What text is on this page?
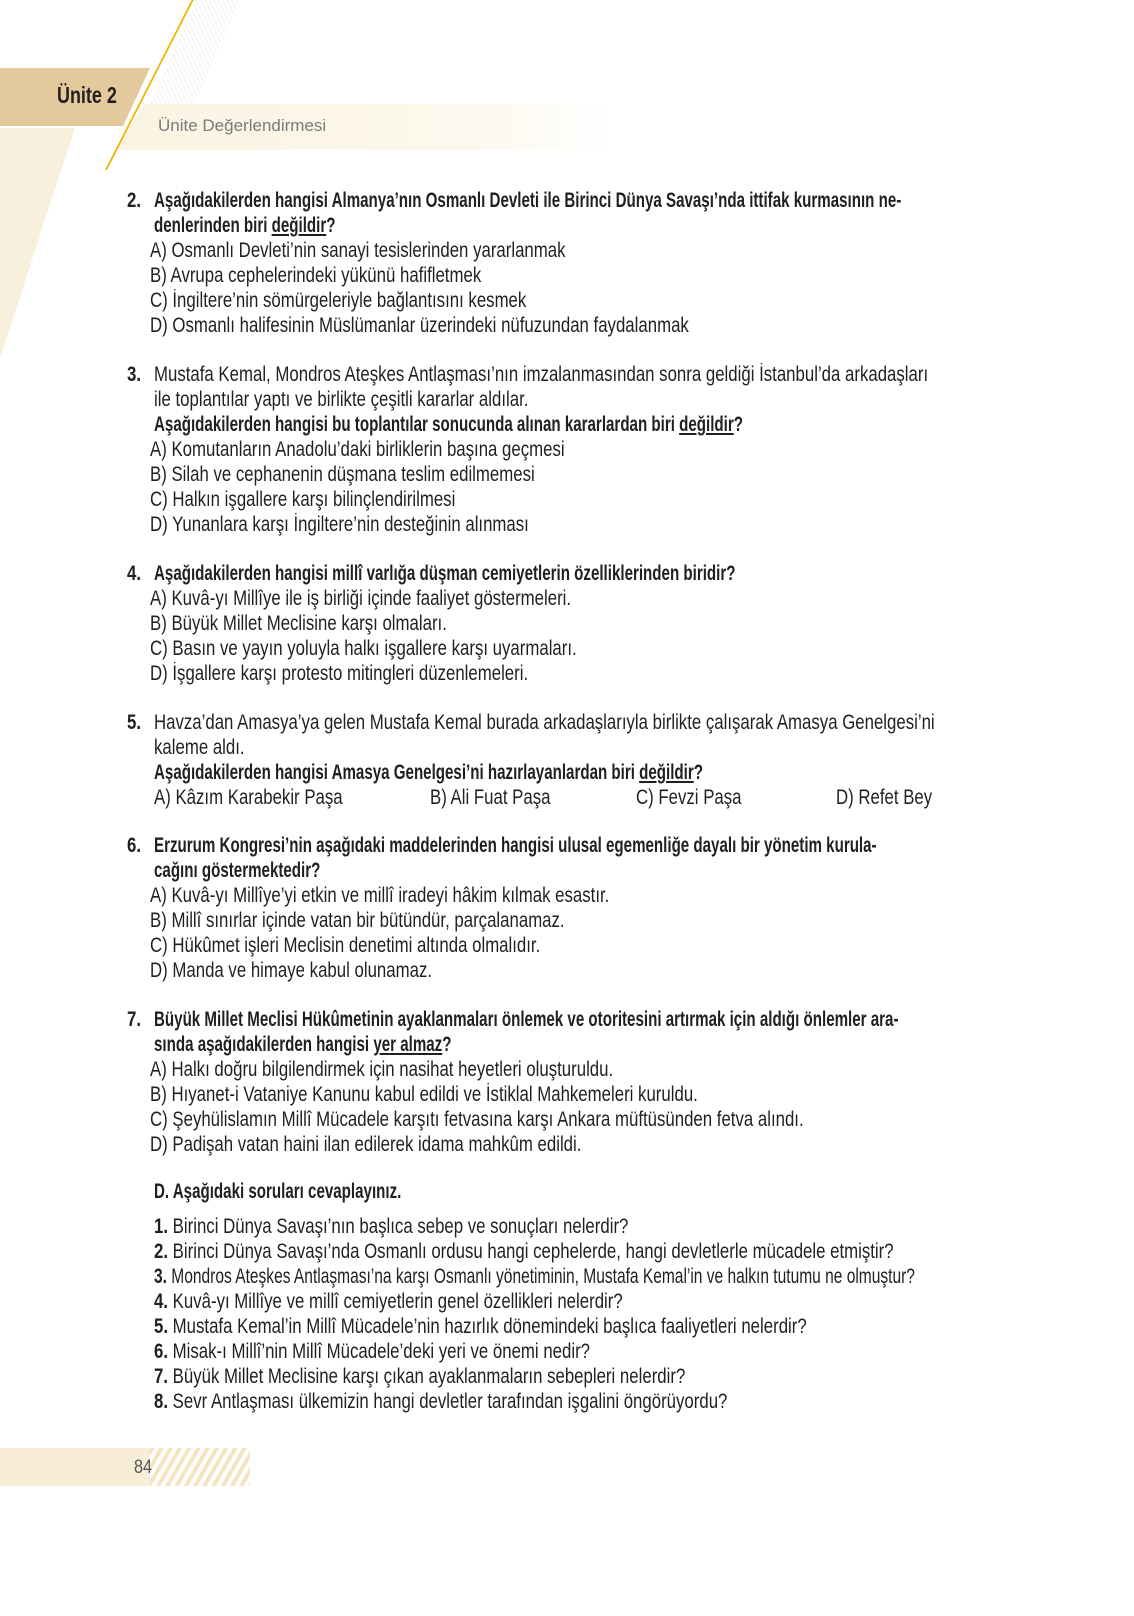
Ünite 2
Ünite Değerlendirmesi
2. Aşağıdakilerden hangisi Almanya’nın Osmanlı Devleti ile Birinci Dünya Savaşı’nda ittifak kurmasının ne-
denlerinden biri değildir?
A) Osmanlı Devleti’nin sanayi tesislerinden yararlanmak
B) Avrupa cephelerindeki yükünü hafifletmek
C) İngiltere’nin sömürgeleriyle bağlantısını kesmek
D) Osmanlı halifesinin Müslümanlar üzerindeki nüfuzundan faydalanmak
3. Mustafa Kemal, Mondros Ateşkes Antlaşması’nın imzalanmasından sonra geldiği İstanbul’da arkadaşları
ile toplantılar yaptı ve birlikte çeşitli kararlar aldılar.
Aşağıdakilerden hangisi bu toplantılar sonucunda alınan kararlardan biri değildir?
A) Komutanların Anadolu’daki birliklerin başına geçmesi
B) Silah ve cephanenin düşmana teslim edilmemesi
C) Halkın işgallere karşı bilinçlendirilmesi
D) Yunanlara karşı İngiltere’nin desteğinin alınması
4. Aşağıdakilerden hangisi millî varlığa düşman cemiyetlerin özelliklerinden biridir?
A) Kuvâ-yı Millîye ile iş birliği içinde faaliyet göstermeleri.
B) Büyük Millet Meclisine karşı olmaları.
C) Basın ve yayın yoluyla halkı işgallere karşı uyarmaları.
D) İşgallere karşı protesto mitingleri düzenlemeleri.
5. Havza’dan Amasya’ya gelen Mustafa Kemal burada arkadaşlarıyla birlikte çalışarak Amasya Genelgesi’ni
kaleme aldı.
Aşağıdakilerden hangisi Amasya Genelgesi’ni hazırlayanlardan biri değildir?
A) Kâzım Karabekir Paşa	B) Ali Fuat Paşa	C) Fevzi Paşa	D) Refet Bey
6. Erzurum Kongresi’nin aşağıdaki maddelerinden hangisi ulusal egemenliğe dayalı bir yönetim kurula-
cağını göstermektedir?
A) Kuvâ-yı Millîye’yi etkin ve millî iradeyi hâkim kılmak esastır.
B) Millî sınırlar içinde vatan bir bütündür, parçalanamaz.
C) Hükûmet işleri Meclisin denetimi altında olmalıdır.
D) Manda ve himaye kabul olunamaz.
7. Büyük Millet Meclisi Hükûmetinin ayaklanmaları önlemek ve otoritesini artırmak için aldığı önlemler ara-
sında aşağıdakilerden hangisi yer almaz?
A) Halkı doğru bilgilendirmek için nasihat heyetleri oluşturuldu.
B) Hıyanet-i Vataniye Kanunu kabul edildi ve İstiklal Mahkemeleri kuruldu.
C) Şeyhülislamın Millî Mücadele karşıtı fetvasına karşı Ankara müftüsünden fetva alındı.
D) Padişah vatan haini ilan edilerek idama mahkûm edildi.
D. Aşağıdaki soruları cevaplayınız.
1. Birinci Dünya Savaşı’nın başlıca sebep ve sonuçları nelerdir?
2. Birinci Dünya Savaşı’nda Osmanlı ordusu hangi cephelerde, hangi devletlerle mücadele etmiştir?
3. Mondros Ateşkes Antlaşması’na karşı Osmanlı yönetiminin, Mustafa Kemal’in ve halkın tutumu ne olmuştur?
4. Kuvâ-yı Millîye ve millî cemiyetlerin genel özellikleri nelerdir?
5. Mustafa Kemal’in Millî Mücadele’nin hazırlık dönemindeki başlıca faaliyetleri nelerdir?
6. Misak-ı Millî’nin Millî Mücadele’deki yeri ve önemi nedir?
7. Büyük Millet Meclisine karşı çıkan ayaklanmaların sebepleri nelerdir?
8. Sevr Antlaşması ülkemizin hangi devletler tarafından işgalini öngörüyordu?
84
